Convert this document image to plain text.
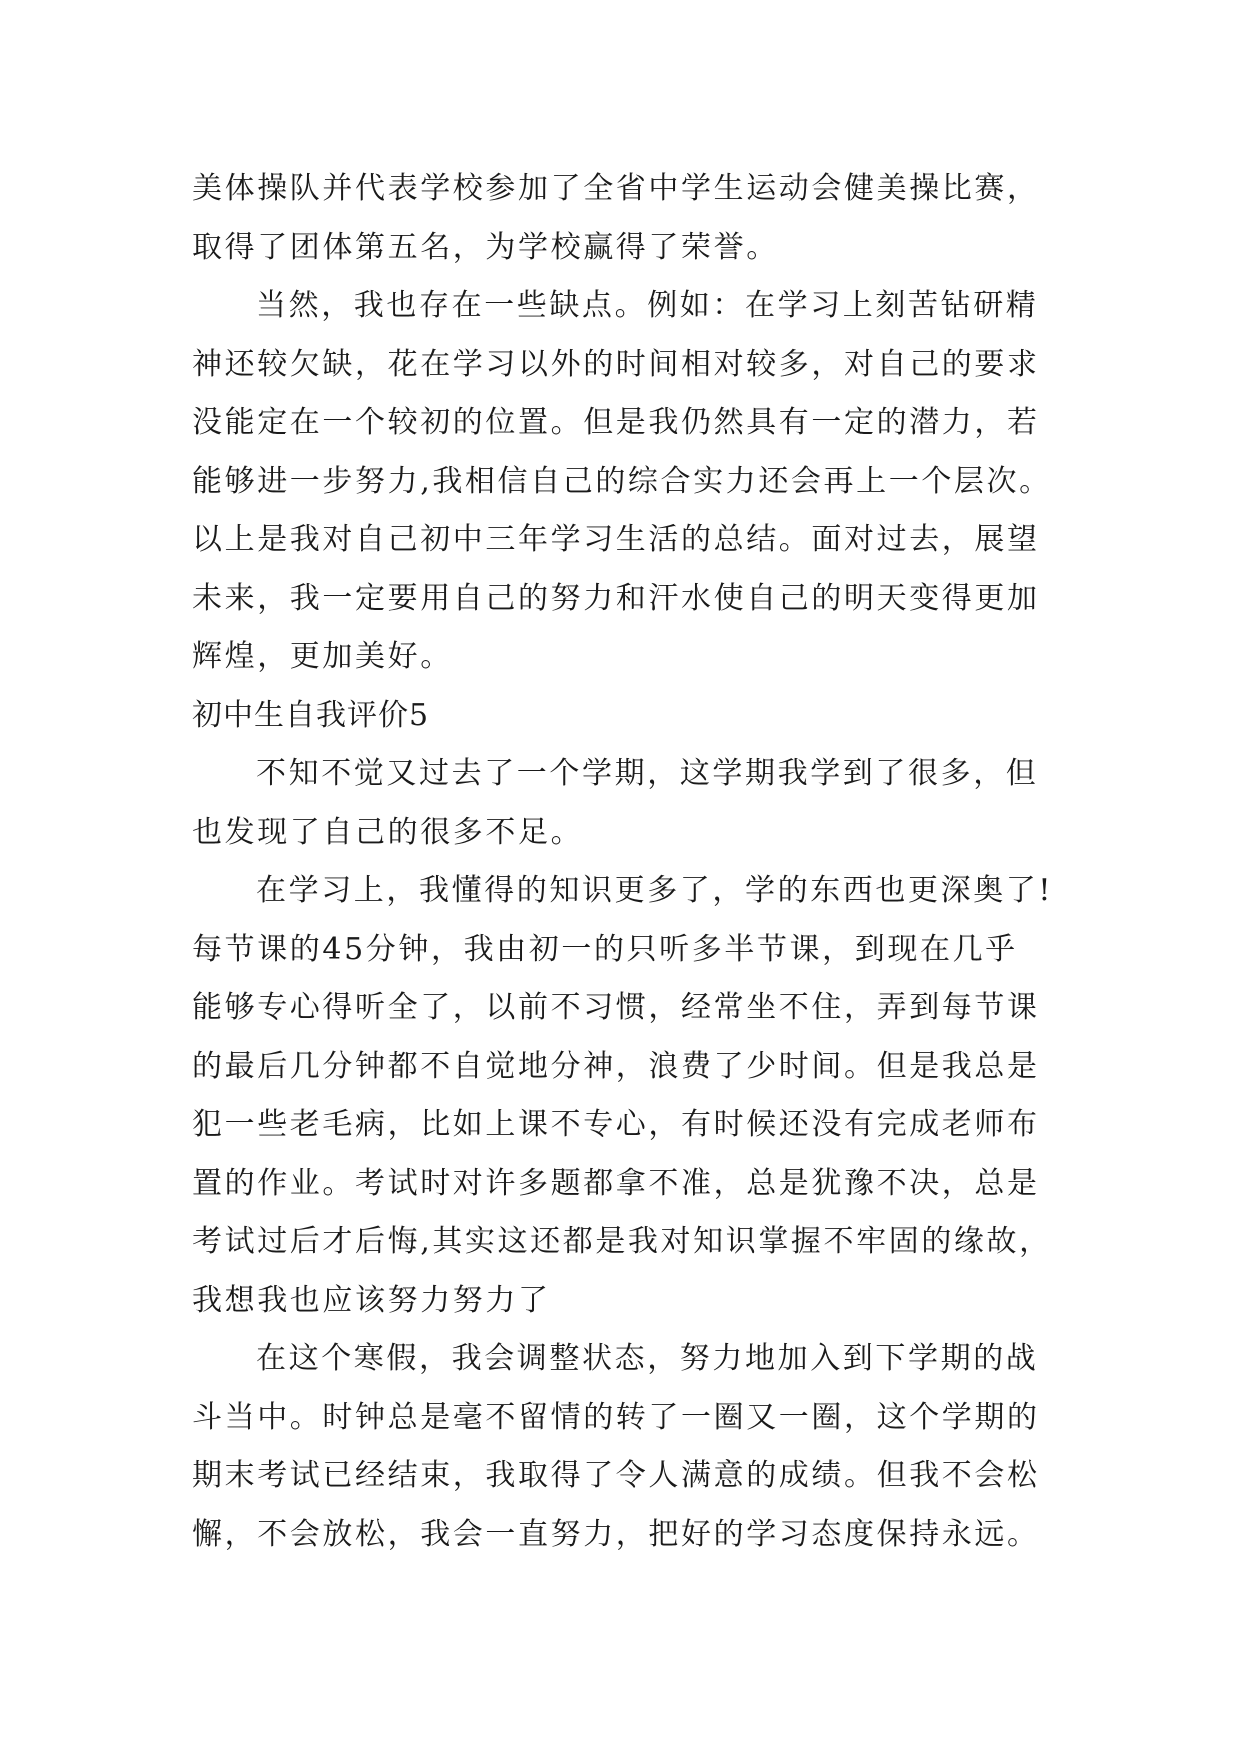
美体操队并代表学校参加了全省中学生运动会健美操比赛，
取得了团体第五名，为学校赢得了荣誉。
当然，我也存在一些缺点。例如：在学习上刻苦钻研精
神还较欠缺，花在学习以外的时间相对较多，对自己的要求
没能定在一个较初的位置。但是我仍然具有一定的潜力，若
能够进一步努力,我相信自己的综合实力还会再上一个层次。
以上是我对自己初中三年学习生活的总结。面对过去，展望
未来，我一定要用自己的努力和汗水使自己的明天变得更加
辉煌，更加美好。
初中生自我评价5
不知不觉又过去了一个学期，这学期我学到了很多，但
也发现了自己的很多不足。
在学习上，我懂得的知识更多了，学的东西也更深奥了!
每节课的45分钟，我由初一的只听多半节课，到现在几乎
能够专心得听全了，以前不习惯，经常坐不住，弄到每节课
的最后几分钟都不自觉地分神，浪费了少时间。但是我总是
犯一些老毛病，比如上课不专心，有时候还没有完成老师布
置的作业。考试时对许多题都拿不准，总是犹豫不决，总是
考试过后才后悔,其实这还都是我对知识掌握不牢固的缘故，
我想我也应该努力努力了
在这个寒假，我会调整状态，努力地加入到下学期的战
斗当中。时钟总是毫不留情的转了一圈又一圈，这个学期的
期末考试已经结束，我取得了令人满意的成绩。但我不会松
懈，不会放松，我会一直努力，把好的学习态度保持永远。
